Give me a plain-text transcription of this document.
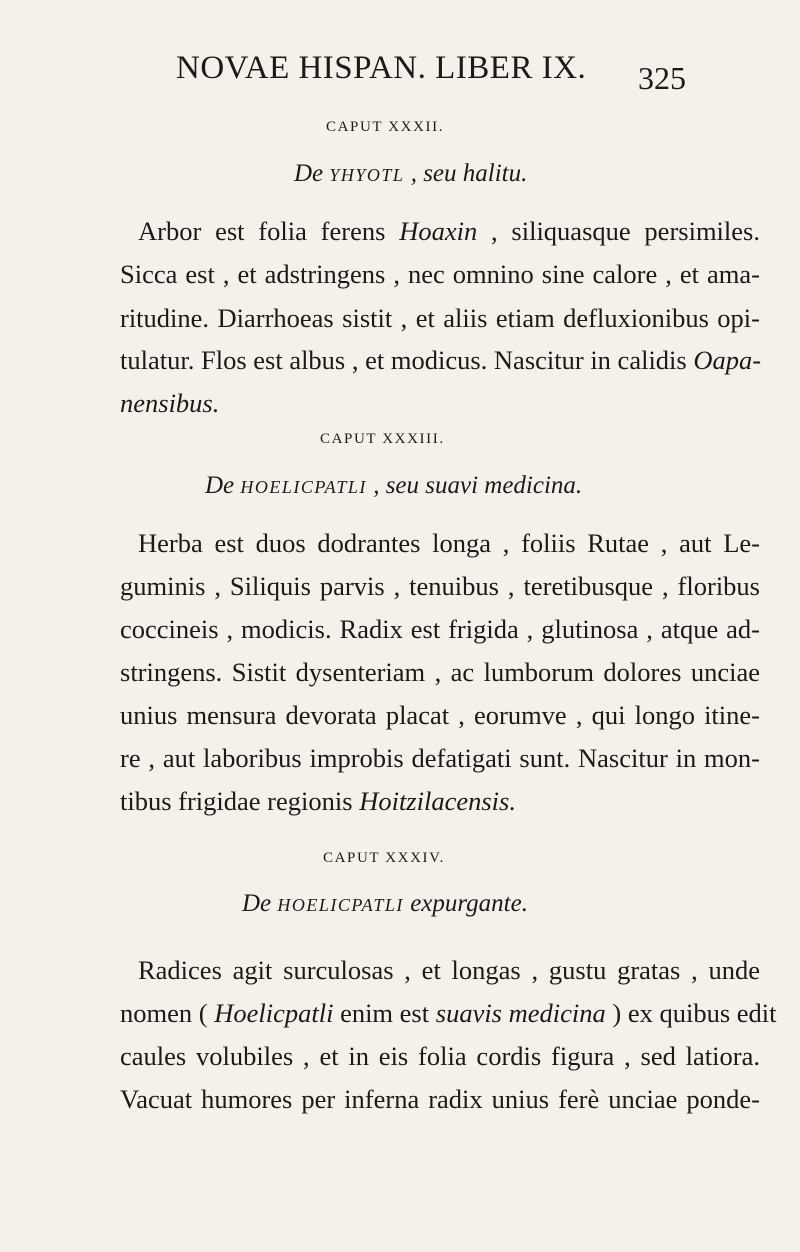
NOVAE HISPAN. LIBER IX. 325
CAPUT XXXII.
De YHYOTL , seu halitu.
Arbor est folia ferens Hoaxin , siliquasque persimiles.
Sicca est , et adstringens , nec omnino sine calore , et ama-
ritudine. Diarrhoeas sistit , et aliis etiam defluxionibus opi-
tulatur. Flos est albus , et modicus. Nascitur in calidis Oapa-
nensibus.
CAPUT XXXIII.
De HOELICPATLI , seu suavi medicina.
Herba est duos dodrantes longa , foliis Rutae , aut Le-
guminis , Siliquis parvis , tenuibus , teretibusque , floribus
coccineis , modicis. Radix est frigida , glutinosa , atque ad-
stringens. Sistit dysenteriam , ac lumborum dolores unciae
unius mensura devorata placat , eorumve , qui longo itine-
re , aut laboribus improbis defatigati sunt. Nascitur in mon-
tibus frigidae regionis Hoitzilacensis.
CAPUT XXXIV.
De HOELICPATLI expurgante.
Radices agit surculosas , et longas , gustu gratas , unde
nomen ( Hoelicpatli enim est suavis medicina ) ex quibus edit
caules volubiles , et in eis folia cordis figura , sed latiora.
Vacuat humores per inferna radix unius ferè unciae ponde-
